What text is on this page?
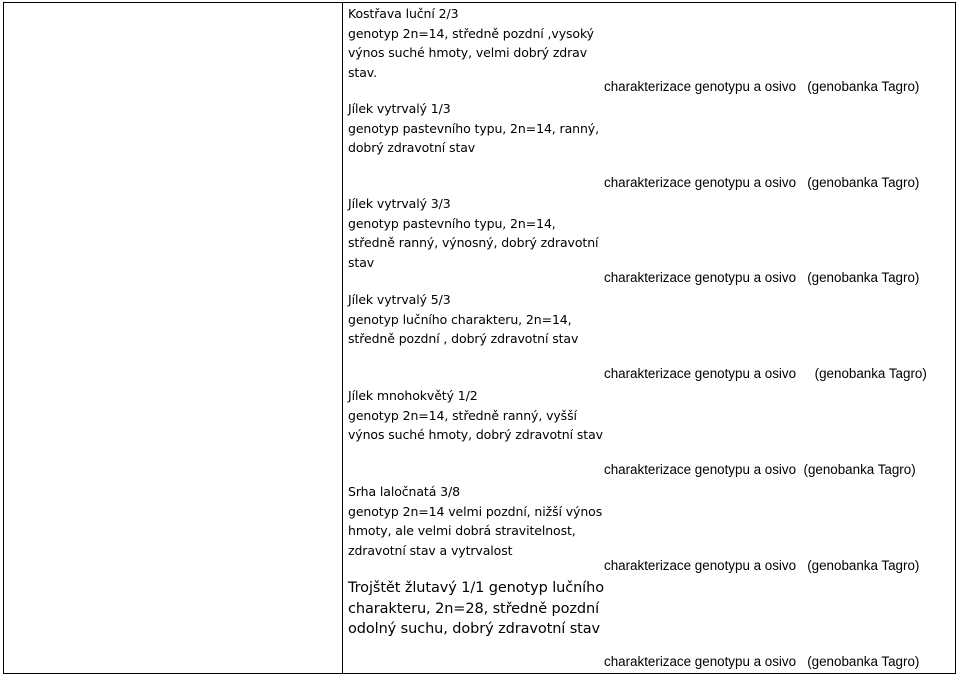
Kostřava luční 2/3
genotyp 2n=14, středně pozdní ,vysoký
výnos suché hmoty, velmi dobrý zdrav
stav.
Jílek vytrvalý 1/3
genotyp pastevního typu, 2n=14, ranný,
dobrý zdravotní stav
Jílek vytrvalý 3/3
genotyp pastevního typu, 2n=14,
středně ranný, výnosný, dobrý zdravotní
stav
Jílek vytrvalý 5/3
genotyp lučního charakteru, 2n=14,
středně pozdní , dobrý zdravotní stav
Jílek mnohokvětý 1/2
genotyp 2n=14, středně ranný, vyšší
výnos suché hmoty, dobrý zdravotní stav
Srha laločnatá 3/8
genotyp 2n=14 velmi pozdní, nižší výnos
hmoty, ale velmi dobrá stravitelnost,
zdravotní stav a vytrvalost
Trojštět žlutavý 1/1 genotyp lučního
charakteru, 2n=28, středně pozdní
odolný suchu, dobrý zdravotní stav
charakterizace genotypu a osivo   (genobanka Tagro)
charakterizace genotypu a osivo   (genobanka Tagro)
charakterizace genotypu a osivo   (genobanka Tagro)
charakterizace genotypu a osivo     (genobanka Tagro)
charakterizace genotypu a osivo  (genobanka Tagro)
charakterizace genotypu a osivo   (genobanka Tagro)
charakterizace genotypu a osivo   (genobanka Tagro)
